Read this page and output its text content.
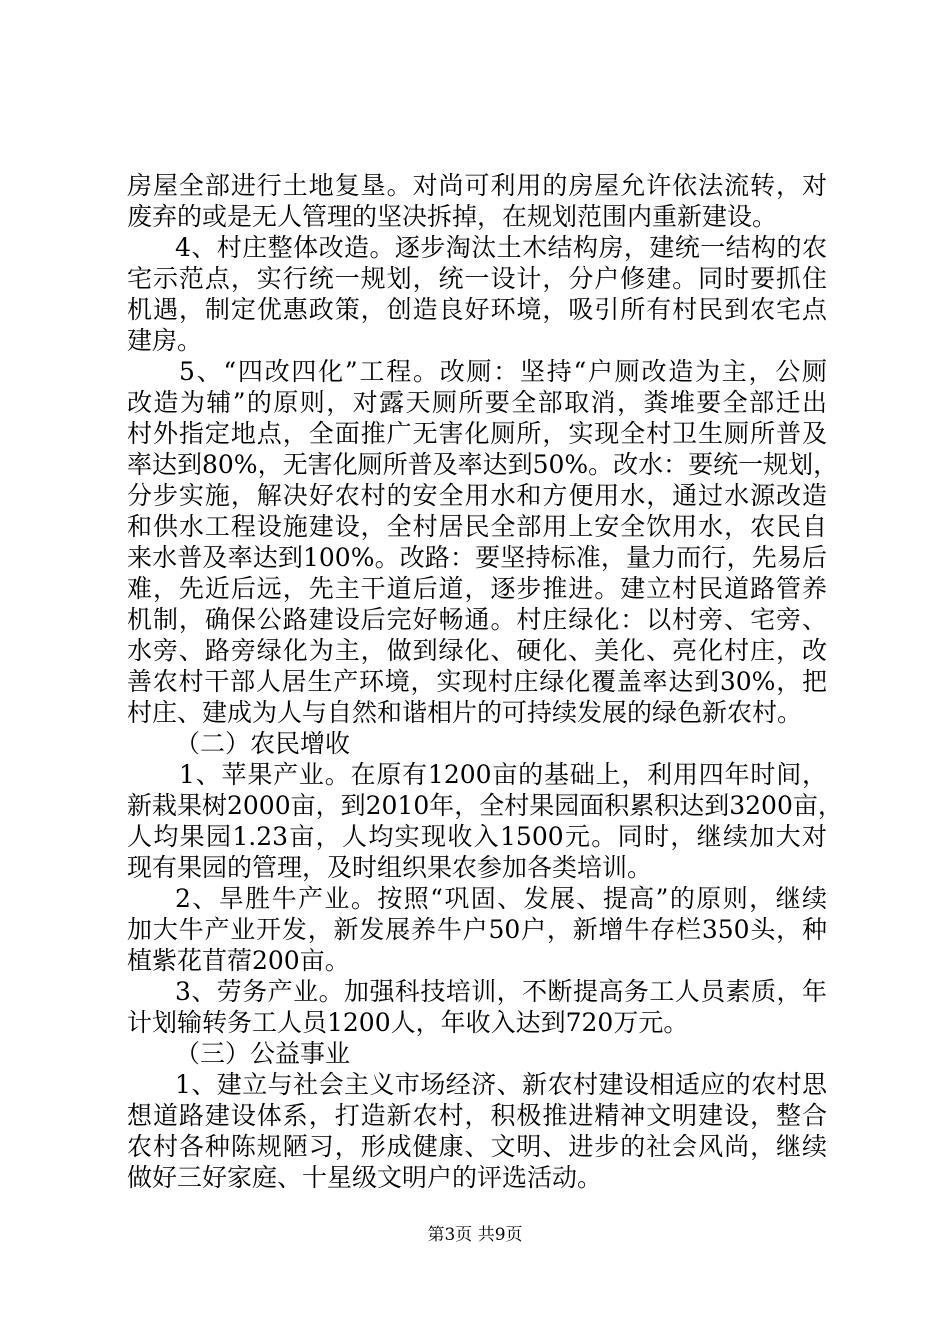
房屋全部进行土地复垦。对尚可利用的房屋允许依法流转，对
废弃的或是无人管理的坚决拆掉，在规划范围内重新建设。
4、村庄整体改造。逐步淘汰土木结构房，建统一结构的农
宅示范点，实行统一规划，统一设计，分户修建。同时要抓住
机遇，制定优惠政策，创造良好环境，吸引所有村民到农宅点
建房。
5、“四改四化”工程。改厕：坚持“户厕改造为主，公厕
改造为辅”的原则，对露天厕所要全部取消，粪堆要全部迁出
村外指定地点，全面推广无害化厕所，实现全村卫生厕所普及
率达到80%，无害化厕所普及率达到50%。改水：要统一规划，
分步实施，解决好农村的安全用水和方便用水，通过水源改造
和供水工程设施建设，全村居民全部用上安全饮用水，农民自
来水普及率达到100%。改路：要坚持标准，量力而行，先易后
难，先近后远，先主干道后道，逐步推进。建立村民道路管养
机制，确保公路建设后完好畅通。村庄绿化：以村旁、宅旁、
水旁、路旁绿化为主，做到绿化、硬化、美化、亮化村庄，改
善农村干部人居生产环境，实现村庄绿化覆盖率达到30%，把
村庄、建成为人与自然和谐相片的可持续发展的绿色新农村。
（二）农民增收
1、苹果产业。在原有1200亩的基础上，利用四年时间，
新栽果树2000亩，到2010年，全村果园面积累积达到3200亩，
人均果园1.23亩，人均实现收入1500元。同时，继续加大对
现有果园的管理，及时组织果农参加各类培训。
2、旱胜牛产业。按照“巩固、发展、提高”的原则，继续
加大牛产业开发，新发展养牛户50户，新增牛存栏350头，种
植紫花苜蓿200亩。
3、劳务产业。加强科技培训，不断提高务工人员素质，年
计划输转务工人员1200人，年收入达到720万元。
（三）公益事业
1、建立与社会主义市场经济、新农村建设相适应的农村思
想道路建设体系，打造新农村，积极推进精神文明建设，整合
农村各种陈规陋习，形成健康、文明、进步的社会风尚，继续
做好三好家庭、十星级文明户的评选活动。
第3页 共9页
